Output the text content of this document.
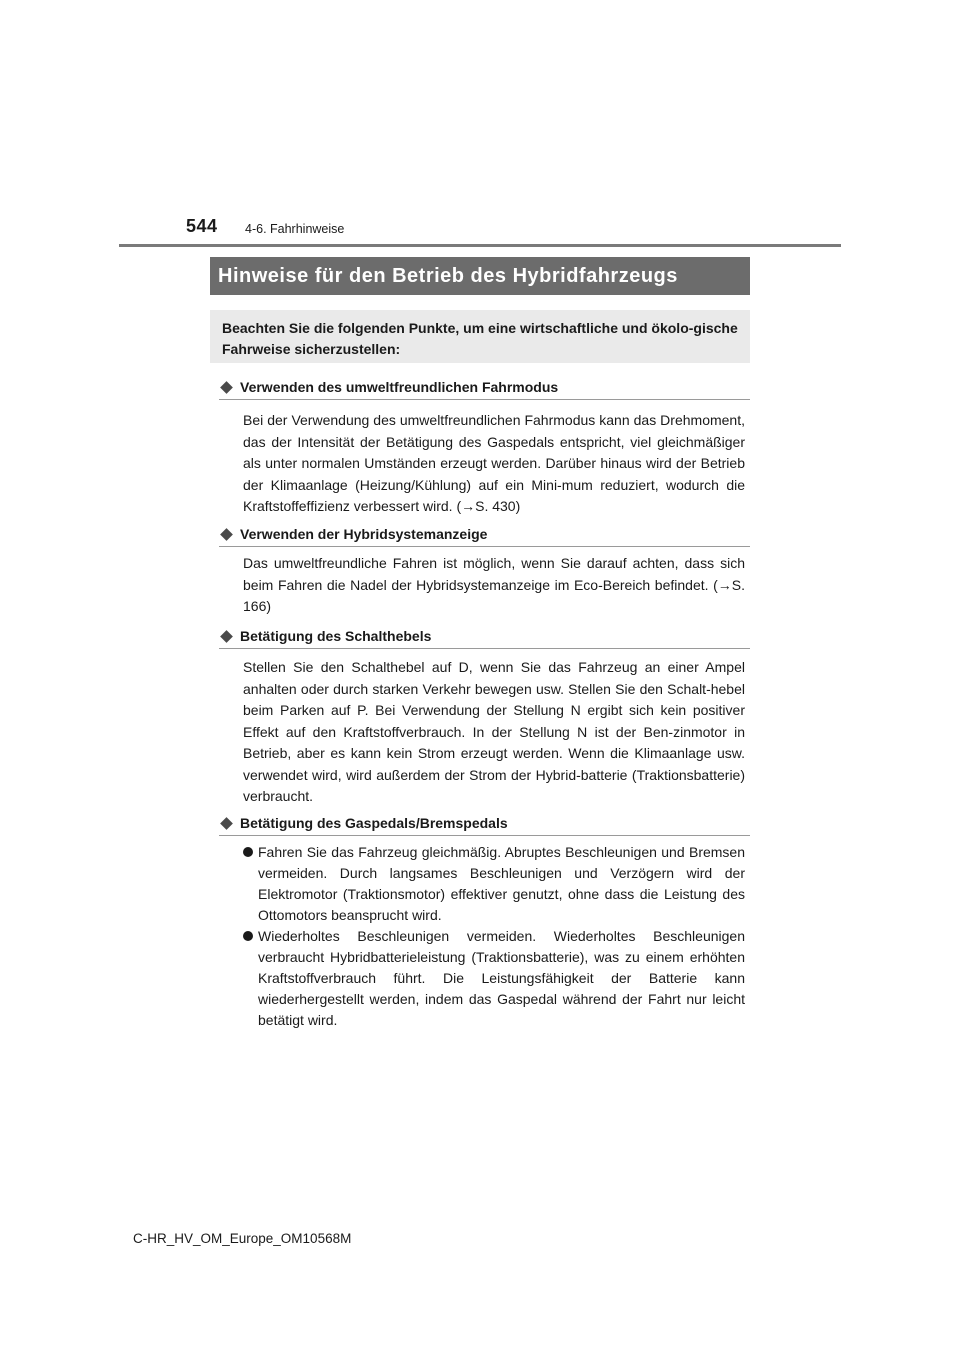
544 4-6. Fahrhinweise
Hinweise für den Betrieb des Hybridfahrzeugs
Beachten Sie die folgenden Punkte, um eine wirtschaftliche und ökolo-gische Fahrweise sicherzustellen:
Verwenden des umweltfreundlichen Fahrmodus

Bei der Verwendung des umweltfreundlichen Fahrmodus kann das Drehmoment, das der Intensität der Betätigung des Gaspedals entspricht, viel gleichmäßiger als unter normalen Umständen erzeugt werden. Darüber hinaus wird der Betrieb der Klimaanlage (Heizung/Kühlung) auf ein Mini-mum reduziert, wodurch die Kraftstoffeffizienz verbessert wird. (→S. 430)

Verwenden der Hybridsystemanzeige

Das umweltfreundliche Fahren ist möglich, wenn Sie darauf achten, dass sich beim Fahren die Nadel der Hybridsystemanzeige im Eco-Bereich befindet. (→S. 166)

Betätigung des Schalthebels

Stellen Sie den Schalthebel auf D, wenn Sie das Fahrzeug an einer Ampel anhalten oder durch starken Verkehr bewegen usw. Stellen Sie den Schalt-hebel beim Parken auf P. Bei Verwendung der Stellung N ergibt sich kein positiver Effekt auf den Kraftstoffverbrauch. In der Stellung N ist der Ben-zinmotor in Betrieb, aber es kann kein Strom erzeugt werden. Wenn die Klimaanlage usw. verwendet wird, wird außerdem der Strom der Hybrid-batterie (Traktionsbatterie) verbraucht.

Betätigung des Gaspedals/Bremspedals

Fahren Sie das Fahrzeug gleichmäßig. Abruptes Beschleunigen und Bremsen vermeiden. Durch langsames Beschleunigen und Verzögern wird der Elektromotor (Traktionsmotor) effektiver genutzt, ohne dass die Leistung des Ottomotors beansprucht wird.

Wiederholtes Beschleunigen vermeiden. Wiederholtes Beschleunigen verbraucht Hybridbatterieleistung (Traktionsbatterie), was zu einem erhöhten Kraftstoffverbrauch führt. Die Leistungsfähigkeit der Batterie kann wiederhergestellt werden, indem das Gaspedal während der Fahrt nur leicht betätigt wird.

C-HR_HV_OM_Europe_OM10568M
